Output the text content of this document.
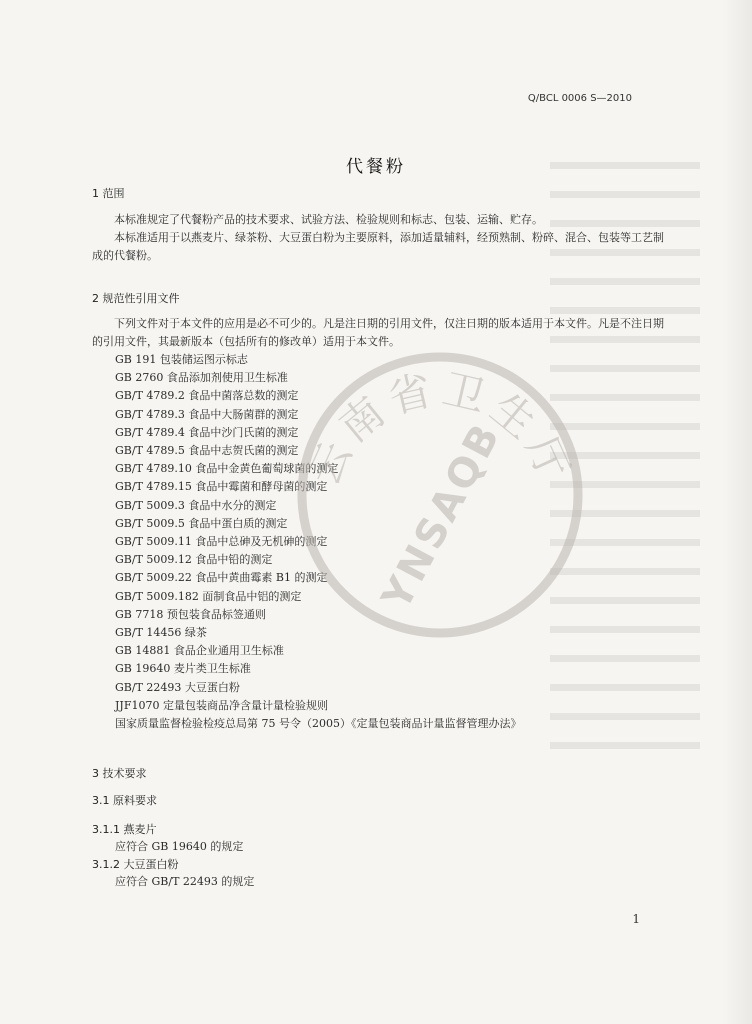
Q/BCL 0006 S—2010
代餐粉
1 范围
本标准规定了代餐粉产品的技术要求、试验方法、检验规则和标志、包装、运输、贮存。
本标准适用于以燕麦片、绿茶粉、大豆蛋白粉为主要原料，添加适量辅料，经预熟制、粉碎、混合、包装等工艺制成的代餐粉。
2 规范性引用文件
下列文件对于本文件的应用是必不可少的。凡是注日期的引用文件，仅注日期的版本适用于本文件。凡是不注日期的引用文件，其最新版本（包括所有的修改单）适用于本文件。
GB 191 包装储运图示标志
GB 2760 食品添加剂使用卫生标准
GB/T 4789.2 食品中菌落总数的测定
GB/T 4789.3 食品中大肠菌群的测定
GB/T 4789.4 食品中沙门氏菌的测定
GB/T 4789.5 食品中志贺氏菌的测定
GB/T 4789.10 食品中金黄色葡萄球菌的测定
GB/T 4789.15 食品中霉菌和酵母菌的测定
GB/T 5009.3 食品中水分的测定
GB/T 5009.5 食品中蛋白质的测定
GB/T 5009.11 食品中总砷及无机砷的测定
GB/T 5009.12 食品中铅的测定
GB/T 5009.22 食品中黄曲霉素 B1 的测定
GB/T 5009.182 面制食品中铝的测定
GB 7718 预包装食品标签通则
GB/T 14456 绿茶
GB 14881 食品企业通用卫生标准
GB 19640 麦片类卫生标准
GB/T 22493 大豆蛋白粉
JJF1070 定量包装商品净含量计量检验规则
国家质量监督检验检疫总局第 75 号令（2005）《定量包装商品计量监督管理办法》
3 技术要求
3.1 原料要求
3.1.1 燕麦片
应符合 GB 19640 的规定
3.1.2 大豆蛋白粉
应符合 GB/T 22493 的规定
1
云南省卫生厅
YNSAQB
